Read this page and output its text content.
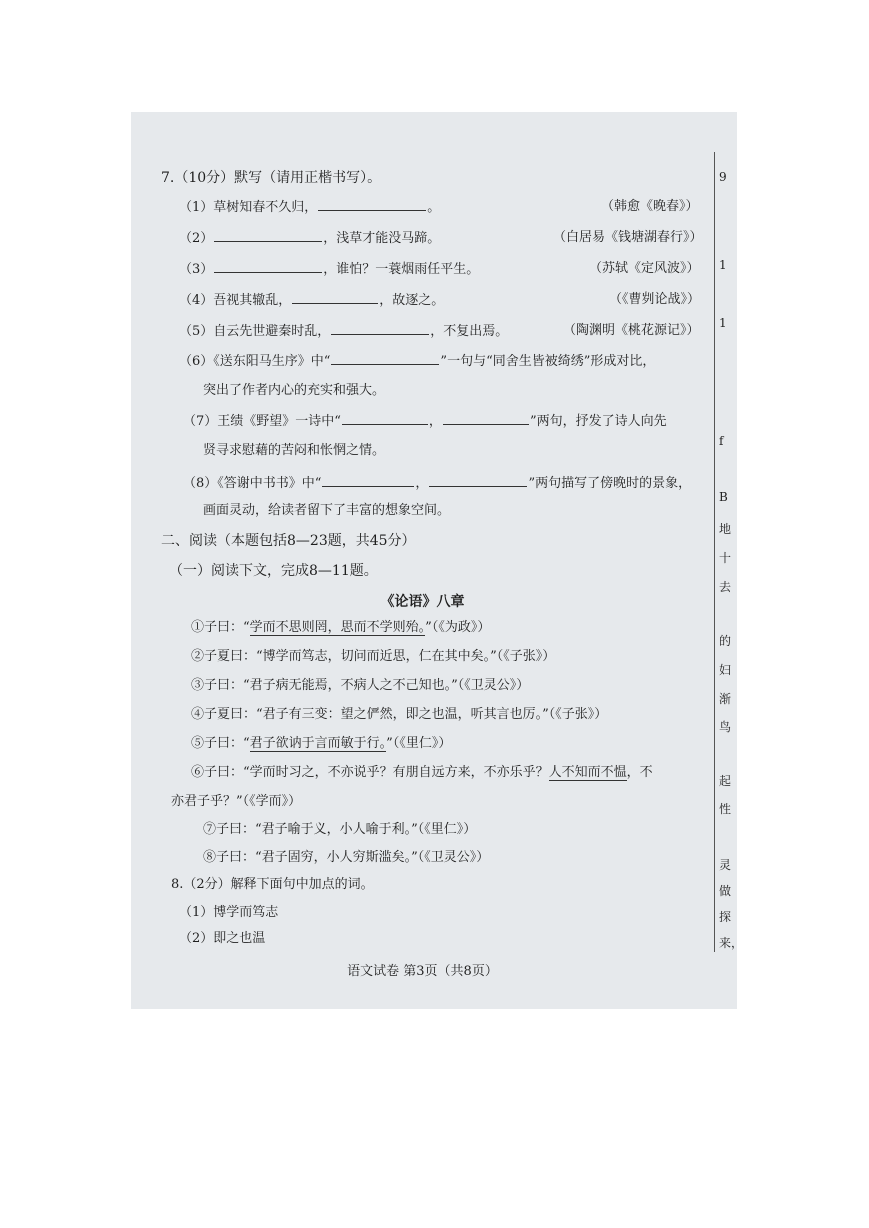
7.（10分）默写（请用正楷书写）。
（1）草树知春不久归，	。	（韩愈《晚春》）
（2）	，浅草才能没马蹄。	（白居易《钱塘湖春行》）
（3）	，谁怕？一蓑烟雨任平生。	（苏轼《定风波》）
（4）吾视其辙乱，	，故逐之。	（《曹刿论战》）
（5）自云先世避秦时乱，	，不复出焉。	（陶渊明《桃花源记》）
（6）《送东阳马生序》中“	”一句与“同舍生皆被绮绣”形成对比，
突出了作者内心的充实和强大。
（7）王绩《野望》一诗中“	，	”两句，抒发了诗人向先
贤寻求慰藉的苦闷和怅惘之情。
（8）《答谢中书书》中“	，	”两句描写了傍晚时的景象，
画面灵动，给读者留下了丰富的想象空间。
二、阅读（本题包括8—23题，共45分）
（一）阅读下文，完成8—11题。
《论语》八章
①子曰：“学而不思则罔，思而不学则殆。”（《为政》）
②子夏曰：“博学而笃志，切问而近思，仁在其中矣。”（《子张》）
③子曰：“君子病无能焉，不病人之不己知也。”（《卫灵公》）
④子夏曰：“君子有三变：望之俨然，即之也温，听其言也厉。”（《子张》）
⑤子曰：“君子欲讷于言而敏于行。”（《里仁》）
⑥子曰：“学而时习之，不亦说乎？有朋自远方来，不亦乐乎？人不知而不愠，不
亦君子乎？”（《学而》）
⑦子曰：“君子喻于义，小人喻于利。”（《里仁》）
⑧子曰：“君子固穷，小人穷斯滥矣。”（《卫灵公》）
8.（2分）解释下面句中加点的词。
（1）博学而笃志
（2）即之也温
语文试卷 第3页（共8页）
9
1
1
f
B
地
十
去
的
妇
渐
鸟
起
性
灵
做
探
来，
